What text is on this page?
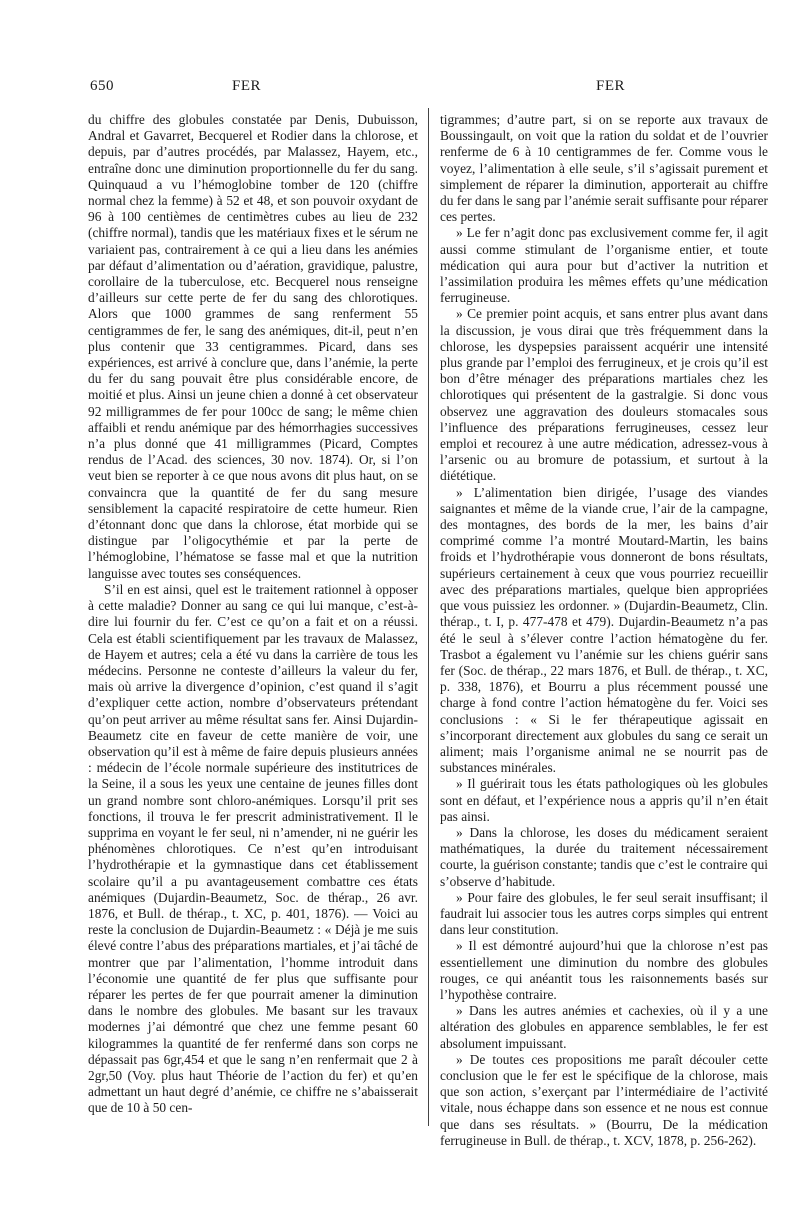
650	FER	FER

du chiffre des globules constatée par Denis, Dubuisson, Andral et Gavarret, Becquerel et Rodier dans la chlorose, et depuis, par d’autres procédés, par Malassez, Hayem, etc., entraîne donc une diminution proportionnelle du fer du sang. Quinquaud a vu l’hémoglobine tomber de 120 (chiffre normal chez la femme) à 52 et 48, et son pouvoir oxydant de 96 à 100 centièmes de centimètres cubes au lieu de 232 (chiffre normal), tandis que les matériaux fixes et le sérum ne variaient pas, contrairement à ce qui a lieu dans les anémies par défaut d’alimentation ou d’aération, gravidique, palustre, corollaire de la tuberculose, etc. Becquerel nous renseigne d’ailleurs sur cette perte de fer du sang des chlorotiques. Alors que 1000 grammes de sang renferment 55 centigrammes de fer, le sang des anémiques, dit-il, peut n’en plus contenir que 33 centigrammes. Picard, dans ses expériences, est arrivé à conclure que, dans l’anémie, la perte du fer du sang pouvait être plus considérable encore, de moitié et plus. Ainsi un jeune chien a donné à cet observateur 92 milligrammes de fer pour 100cc de sang; le même chien affaibli et rendu anémique par des hémorrhagies successives n’a plus donné que 41 milligrammes (Picard, Comptes rendus de l’Acad. des sciences, 30 nov. 1874). Or, si l’on veut bien se reporter à ce que nous avons dit plus haut, on se convaincra que la quantité de fer du sang mesure sensiblement la capacité respiratoire de cette humeur. Rien d’étonnant donc que dans la chlorose, état morbide qui se distingue par l’oligocythémie et par la perte de l’hémoglobine, l’hématose se fasse mal et que la nutrition languisse avec toutes ses conséquences.

S’il en est ainsi, quel est le traitement rationnel à opposer à cette maladie? Donner au sang ce qui lui manque, c’est-à-dire lui fournir du fer. C’est ce qu’on a fait et on a réussi. Cela est établi scientifiquement par les travaux de Malassez, de Hayem et autres; cela a été vu dans la carrière de tous les médecins. Personne ne conteste d’ailleurs la valeur du fer, mais où arrive la divergence d’opinion, c’est quand il s’agit d’expliquer cette action, nombre d’observateurs prétendant qu’on peut arriver au même résultat sans fer. Ainsi Dujardin-Beaumetz cite en faveur de cette manière de voir, une observation qu’il est à même de faire depuis plusieurs années : médecin de l’école normale supérieure des institutrices de la Seine, il a sous les yeux une centaine de jeunes filles dont un grand nombre sont chloro-anémiques. Lorsqu’il prit ses fonctions, il trouva le fer prescrit administrativement. Il le supprima en voyant le fer seul, ni n’amender, ni ne guérir les phénomènes chlorotiques. Ce n’est qu’en introduisant l’hydrothérapie et la gymnastique dans cet établissement scolaire qu’il a pu avantageusement combattre ces états anémiques (Dujardin-Beaumetz, Soc. de thérap., 26 avr. 1876, et Bull. de thérap., t. XC, p. 401, 1876). — Voici au reste la conclusion de Dujardin-Beaumetz : « Déjà je me suis élevé contre l’abus des préparations martiales, et j’ai tâché de montrer que par l’alimentation, l’homme introduit dans l’économie une quantité de fer plus que suffisante pour réparer les pertes de fer que pourrait amener la diminution dans le nombre des globules. Me basant sur les travaux modernes j’ai démontré que chez une femme pesant 60 kilogrammes la quantité de fer renfermé dans son corps ne dépassait pas 6gr,454 et que le sang n’en renfermait que 2 à 2gr,50 (Voy. plus haut Théorie de l’action du fer) et qu’en admettant un haut degré d’anémie, ce chiffre ne s’abaisserait que de 10 à 50 cen-

tigrammes; d’autre part, si on se reporte aux travaux de Boussingault, on voit que la ration du soldat et de l’ouvrier renferme de 6 à 10 centigrammes de fer. Comme vous le voyez, l’alimentation à elle seule, s’il s’agissait purement et simplement de réparer la diminution, apporterait au chiffre du fer dans le sang par l’anémie serait suffisante pour réparer ces pertes.

» Le fer n’agit donc pas exclusivement comme fer, il agit aussi comme stimulant de l’organisme entier, et toute médication qui aura pour but d’activer la nutrition et l’assimilation produira les mêmes effets qu’une médication ferrugineuse.

» Ce premier point acquis, et sans entrer plus avant dans la discussion, je vous dirai que très fréquemment dans la chlorose, les dyspepsies paraissent acquérir une intensité plus grande par l’emploi des ferrugineux, et je crois qu’il est bon d’être ménager des préparations martiales chez les chlorotiques qui présentent de la gastralgie. Si donc vous observez une aggravation des douleurs stomacales sous l’influence des préparations ferrugineuses, cessez leur emploi et recourez à une autre médication, adressez-vous à l’arsenic ou au bromure de potassium, et surtout à la diététique.

» L’alimentation bien dirigée, l’usage des viandes saignantes et même de la viande crue, l’air de la campagne, des montagnes, des bords de la mer, les bains d’air comprimé comme l’a montré Moutard-Martin, les bains froids et l’hydrothérapie vous donneront de bons résultats, supérieurs certainement à ceux que vous pourriez recueillir avec des préparations martiales, quelque bien appropriées que vous puissiez les ordonner. » (Dujardin-Beaumetz, Clin. thérap., t. I, p. 477-478 et 479). Dujardin-Beaumetz n’a pas été le seul à s’élever contre l’action hématogène du fer. Trasbot a également vu l’anémie sur les chiens guérir sans fer (Soc. de thérap., 22 mars 1876, et Bull. de thérap., t. XC, p. 338, 1876), et Bourru a plus récemment poussé une charge à fond contre l’action hématogène du fer. Voici ses conclusions : « Si le fer thérapeutique agissait en s’incorporant directement aux globules du sang ce serait un aliment; mais l’organisme animal ne se nourrit pas de substances minérales.

» Il guérirait tous les états pathologiques où les globules sont en défaut, et l’expérience nous a appris qu’il n’en était pas ainsi.

» Dans la chlorose, les doses du médicament seraient mathématiques, la durée du traitement nécessairement courte, la guérison constante; tandis que c’est le contraire qui s’observe d’habitude.

» Pour faire des globules, le fer seul serait insuffisant; il faudrait lui associer tous les autres corps simples qui entrent dans leur constitution.

» Il est démontré aujourd’hui que la chlorose n’est pas essentiellement une diminution du nombre des globules rouges, ce qui anéantit tous les raisonnements basés sur l’hypothèse contraire.

» Dans les autres anémies et cachexies, où il y a une altération des globules en apparence semblables, le fer est absolument impuissant.

» De toutes ces propositions me paraît découler cette conclusion que le fer est le spécifique de la chlorose, mais que son action, s’exerçant par l’intermédiaire de l’activité vitale, nous échappe dans son essence et ne nous est connue que dans ses résultats. » (Bourru, De la médication ferrugineuse in Bull. de thérap., t. XCV, 1878, p. 256-262).
